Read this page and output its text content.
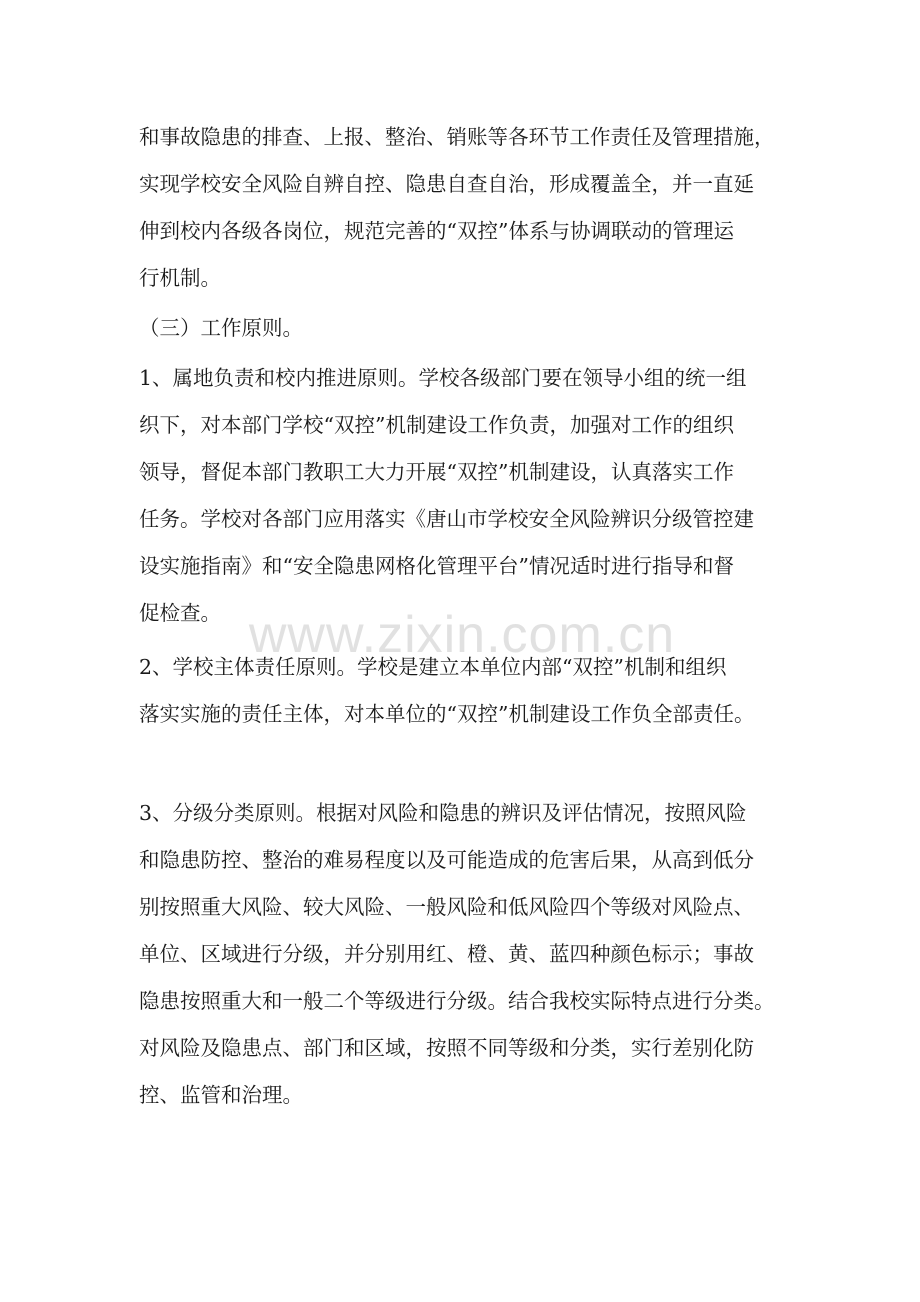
和事故隐患的排查、上报、整治、销账等各环节工作责任及管理措施，
实现学校安全风险自辨自控、隐患自查自治，形成覆盖全，并一直延
伸到校内各级各岗位，规范完善的“双控”体系与协调联动的管理运
行机制。
（三）工作原则。
1、属地负责和校内推进原则。学校各级部门要在领导小组的统一组
织下，对本部门学校“双控”机制建设工作负责，加强对工作的组织
领导，督促本部门教职工大力开展“双控”机制建设，认真落实工作
任务。学校对各部门应用落实《唐山市学校安全风险辨识分级管控建
设实施指南》和“安全隐患网格化管理平台”情况适时进行指导和督
促检查。
2、学校主体责任原则。学校是建立本单位内部“双控”机制和组织
落实实施的责任主体，对本单位的“双控”机制建设工作负全部责任。
3、分级分类原则。根据对风险和隐患的辨识及评估情况，按照风险
和隐患防控、整治的难易程度以及可能造成的危害后果，从高到低分
别按照重大风险、较大风险、一般风险和低风险四个等级对风险点、
单位、区域进行分级，并分别用红、橙、黄、蓝四种颜色标示；事故
隐患按照重大和一般二个等级进行分级。结合我校实际特点进行分类。
对风险及隐患点、部门和区域，按照不同等级和分类，实行差别化防
控、监管和治理。
www.zixin.com.cn
